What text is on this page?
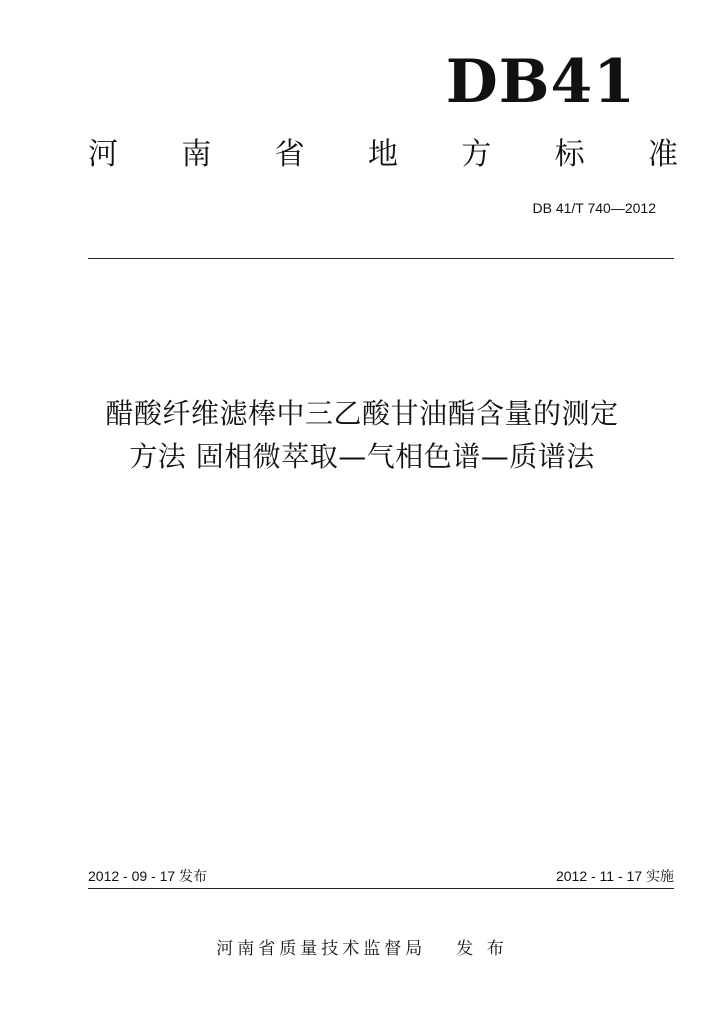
DB41
河 南 省 地 方 标 准
DB 41/T 740—2012
醋酸纤维滤棒中三乙酸甘油酯含量的测定
方法 固相微萃取—气相色谱—质谱法
2012 - 09 - 17 发布	2012 - 11 - 17 实施
河南省质量技术监督局 发 布
